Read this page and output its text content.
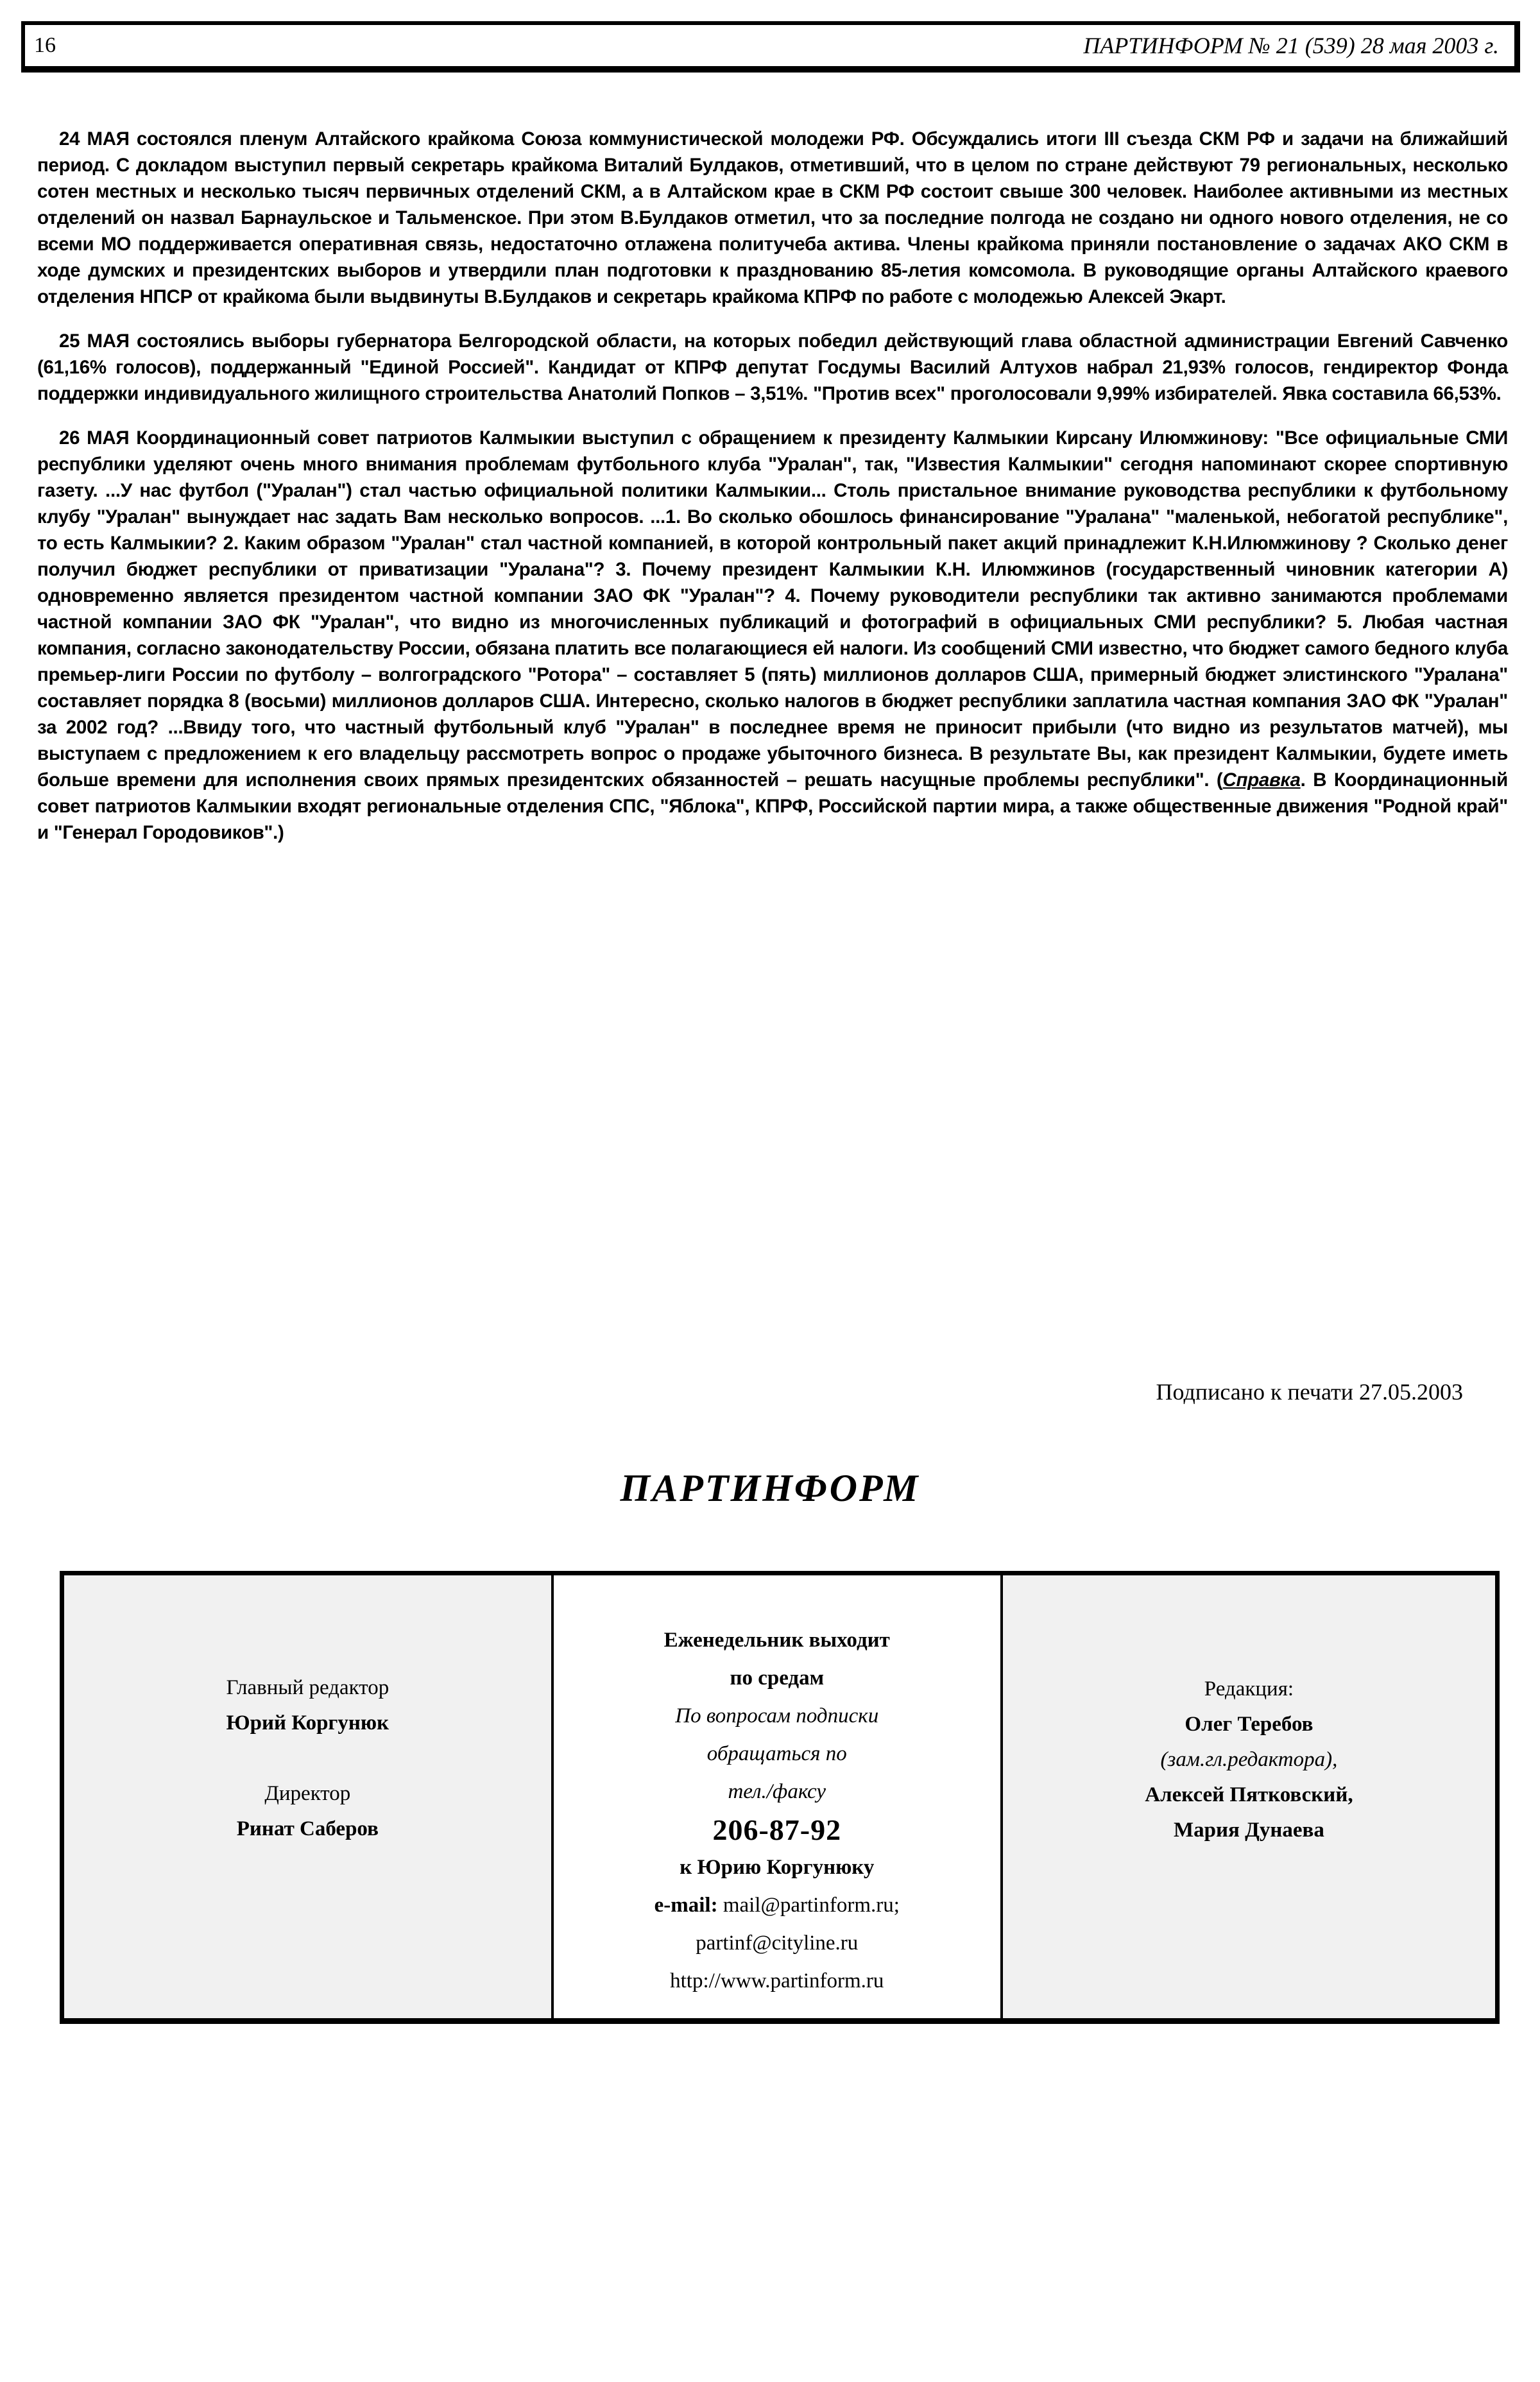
16	ПАРТИНФОРМ № 21 (539) 28 мая 2003 г.

24 МАЯ состоялся пленум Алтайского крайкома Союза коммунистической молодежи РФ. Обсуждались итоги III съезда СКМ РФ и задачи на ближайший период. С докладом выступил первый секретарь крайкома Виталий Булдаков, отметивший, что в целом по стране действуют 79 региональных, несколько сотен местных и несколько тысяч первичных отделений СКМ, а в Алтайском крае в СКМ РФ состоит свыше 300 человек. Наиболее активными из местных отделений он назвал Барнаульское и Тальменское. При этом В.Булдаков отметил, что за последние полгода не создано ни одного нового отделения, не со всеми МО поддерживается оперативная связь, недостаточно отлажена политучеба актива. Члены крайкома приняли постановление о задачах АКО СКМ в ходе думских и президентских выборов и утвердили план подготовки к празднованию 85-летия комсомола. В руководящие органы Алтайского краевого отделения НПСР от крайкома были выдвинуты В.Булдаков и секретарь крайкома КПРФ по работе с молодежью Алексей Экарт.

25 МАЯ состоялись выборы губернатора Белгородской области, на которых победил действующий глава областной администрации Евгений Савченко (61,16% голосов), поддержанный "Единой Россией". Кандидат от КПРФ депутат Госдумы Василий Алтухов набрал 21,93% голосов, гендиректор Фонда поддержки индивидуального жилищного строительства Анатолий Попков – 3,51%. "Против всех" проголосовали 9,99% избирателей. Явка составила 66,53%.

26 МАЯ Координационный совет патриотов Калмыкии выступил с обращением к президенту Калмыкии Кирсану Илюмжинову: "Все официальные СМИ республики уделяют очень много внимания проблемам футбольного клуба "Уралан", так, "Известия Калмыкии" сегодня напоминают скорее спортивную газету. ...У нас футбол ("Уралан") стал частью официальной политики Калмыкии... Столь пристальное внимание руководства республики к футбольному клубу "Уралан" вынуждает нас задать Вам несколько вопросов. ...1. Во сколько обошлось финансирование "Уралана" "маленькой, небогатой республике", то есть Калмыкии? 2. Каким образом "Уралан" стал частной компанией, в которой контрольный пакет акций принадлежит К.Н.Илюмжинову ? Сколько денег получил бюджет республики от приватизации "Уралана"? 3. Почему президент Калмыкии К.Н. Илюмжинов (государственный чиновник категории А) одновременно является президентом частной компании ЗАО ФК "Уралан"? 4. Почему руководители республики так активно занимаются проблемами частной компании ЗАО ФК "Уралан", что видно из многочисленных публикаций и фотографий в официальных СМИ республики? 5. Любая частная компания, согласно законодательству России, обязана платить все полагающиеся ей налоги. Из сообщений СМИ известно, что бюджет самого бедного клуба премьер-лиги России по футболу – волгоградского "Ротора" – составляет 5 (пять) миллионов долларов США, примерный бюджет элистинского "Уралана" составляет порядка 8 (восьми) миллионов долларов США. Интересно, сколько налогов в бюджет республики заплатила частная компания ЗАО ФК "Уралан" за 2002 год? ...Ввиду того, что частный футбольный клуб "Уралан" в последнее время не приносит прибыли (что видно из результатов матчей), мы выступаем с предложением к его владельцу рассмотреть вопрос о продаже убыточного бизнеса. В результате Вы, как президент Калмыкии, будете иметь больше времени для исполнения своих прямых президентских обязанностей – решать насущные проблемы республики". (Справка. В Координационный совет патриотов Калмыкии входят региональные отделения СПС, "Яблока", КПРФ, Российской партии мира, а также общественные движения "Родной край" и "Генерал Городовиков".)

Подписано к печати 27.05.2003
ПАРТИНФОРМ
Главный редактор
Юрий Коргунюк
Директор
Ринат Саберов
Еженедельник выходит
по средам
По вопросам подписки
обращаться по
тел./факсу
206-87-92
к Юрию Коргунюку
e-mail: mail@partinform.ru;
partinf@cityline.ru
http://www.partinform.ru
Редакция:
Олег Теребов
(зам.гл.редактора),
Алексей Пятковский,
Мария Дунаева
